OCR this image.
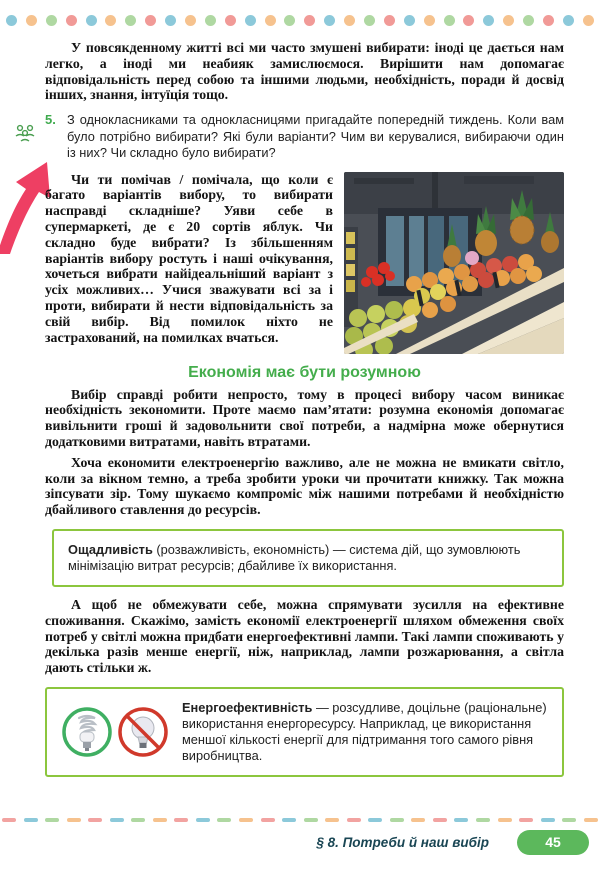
У повсякденному житті всі ми часто змушені вибирати: іноді це дається нам легко, а іноді ми неабияк замислюємося. Вирішити нам допомагає відповідальність перед собою та іншими людьми, необхідність, поради й досвід інших, знання, інтуїція тощо.

5. З однокласниками та однокласницями пригадайте попередній тиждень. Коли вам було потрібно вибирати? Які були варіанти? Чим ви керувалися, вибираючи один із них? Чи складно було вибирати?

Чи ти помічав / помічала, що коли є багато варіантів вибору, то вибирати насправді складніше? Уяви себе в супермаркеті, де є 20 сортів яблук. Чи складно буде вибрати? Із збільшенням варіантів вибору ростуть і наші очікування, хочеться вибрати найідеальніший варіант з усіх можливих… Учися зважувати всі за і проти, вибирати й нести відповідальність за свій вибір. Від помилок ніхто не застрахований, на помилках вчаться.

Економія має бути розумною

Вибір справді робити непросто, тому в процесі вибору часом виникає необхідність зекономити. Проте маємо пам’ятати: розумна економія допомагає вивільнити гроші й задовольнити свої потреби, а надмірна може обернутися додатковими витратами, навіть втратами.

Хоча економити електроенергію важливо, але не можна не вмикати світло, коли за вікном темно, а треба зробити уроки чи прочитати книжку. Так можна зіпсувати зір. Тому шукаємо компроміс між нашими потребами й необхідністю дбайливого ставлення до ресурсів.

Ощадливість (розважливість, економність) — система дій, що зумовлюють мінімізацію витрат ресурсів; дбайливе їх використання.

А щоб не обмежувати себе, можна спрямувати зусилля на ефективне споживання. Скажімо, замість економії електроенергії шляхом обмеження своїх потреб у світлі можна придбати енергоефективні лампи. Такі лампи споживають у декілька разів менше енергії, ніж, наприклад, лампи розжарювання, а світла дають стільки ж.

Енергоефективність — розсудливе, доцільне (раціональне) використання енергоресурсу. Наприклад, це використання меншої кількості енергії для підтримання того самого рівня виробництва.
§ 8. Потреби й наш вибір	45
